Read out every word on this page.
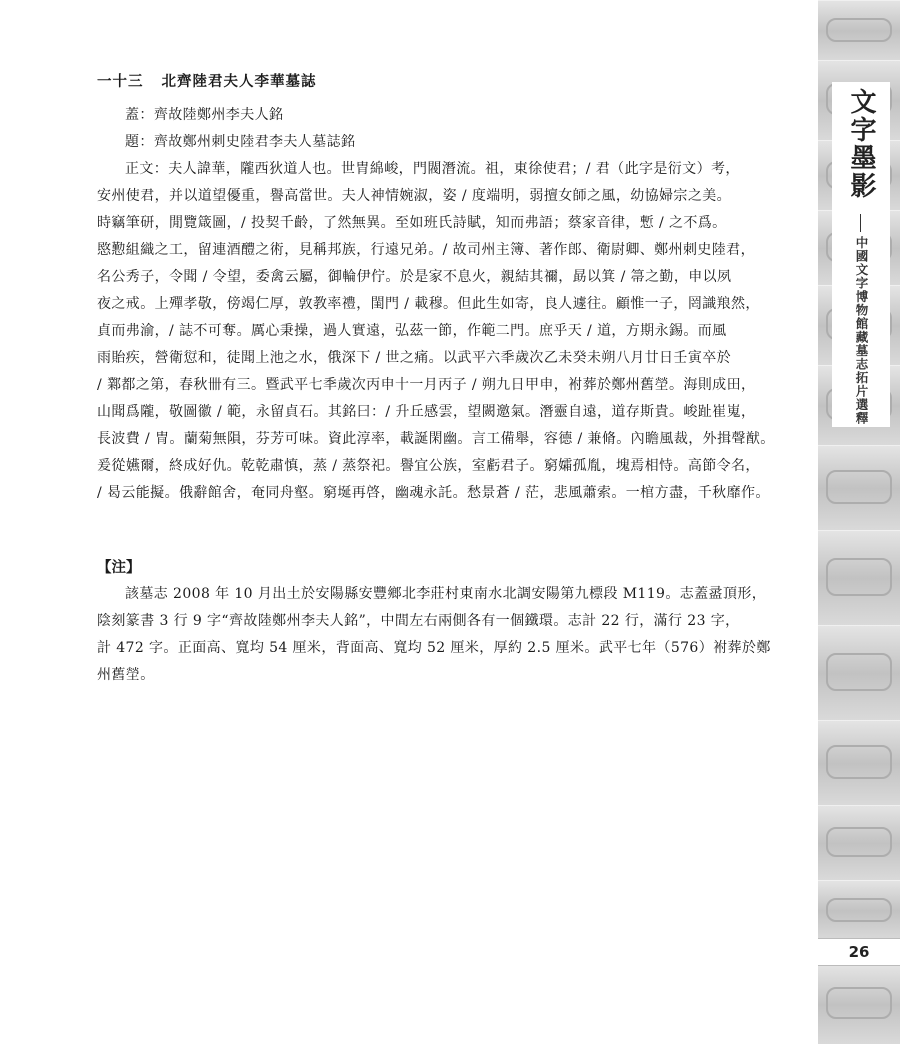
一十三 北齊陸君夫人李華墓誌
蓋：齊故陸鄭州李夫人銘
題：齊故鄭州刺史陸君李夫人墓誌銘
正文：夫人諱華，隴西狄道人也。世胄綿峻，門閥潛流。祖，東徐使君；/ 君（此字是衍文）考，
安州使君，并以道望優重，譽高當世。夫人神情婉淑，姿 / 度端明，弱擅女師之風，幼協婦宗之美。
時竊筆研，閒覽箴圖，/ 投契千齡，了然無異。至如班氏詩賦，知而弗語；蔡家音律，慙 / 之不爲。
愍懃組織之工，留連酒醴之術，見稱邦族，行遠兄弟。/ 故司州主簿、著作郎、衛尉卿、鄭州刺史陸君，
名公秀子，令聞 / 令望，委禽云屬，御輪伊佇。於是家不息火，親結其禰，勗以箕 / 箒之勤，申以夙
夜之戒。上殫孝敬，傍竭仁厚，敦教率禮，閨門 / 載穆。但此生如寄，良人遽往。顧惟一子，罔識羪然，
貞而弗渝，/ 誌不可奪。厲心秉操，過人實遠，弘茲一節，作範二門。庶乎天 / 道，方期永錫。而風
雨貽疾，營衛愆和，徒聞上池之水，俄深下 / 世之痛。以武平六秊歲次乙未癸未朔八月廿日壬寅卒於
/ 鄴都之第，春秋卌有三。暨武平七秊歲次丙申十一月丙子 / 朔九日甲申，袝葬於鄭州舊塋。海則成田，
山聞爲隴，敬圖徽 / 範，永留貞石。其銘曰：/ 升丘感雲，望闕邀氣。潛靈自遠，道存斯貴。峻趾崔嵬，
長波費 / 冑。蘭菊無隕，芬芳可味。資此淳率，載誕閑幽。言工備舉，容德 / 兼脩。內瞻風裁，外揖聲猷。
爰從嬿爾，終成好仇。乾乾肅慎，蒸 / 蒸祭祀。譽宜公族，室虧君子。窮孀孤胤，塊焉相恃。高節令名，
/ 曷云能擬。俄辭館舍，奄同舟壑。窮埏再啓，幽魂永託。愁景蒼 / 茫，悲風蕭索。一棺方盡，千秋靡作。
【注】
該墓志 2008 年 10 月出土於安陽縣安豐鄉北李莊村東南水北調安陽第九標段 M119。志蓋盝頂形，
陰刻篆書 3 行 9 字“齊故陸鄭州李夫人銘”，中間左右兩側各有一個鐵環。志計 22 行，滿行 23 字，
計 472 字。正面高、寬均 54 厘米，背面高、寬均 52 厘米，厚約 2.5 厘米。武平七年（576）袝葬於鄭
州舊塋。
文字墨影
中國文字博物館藏墓志拓片選釋
26
